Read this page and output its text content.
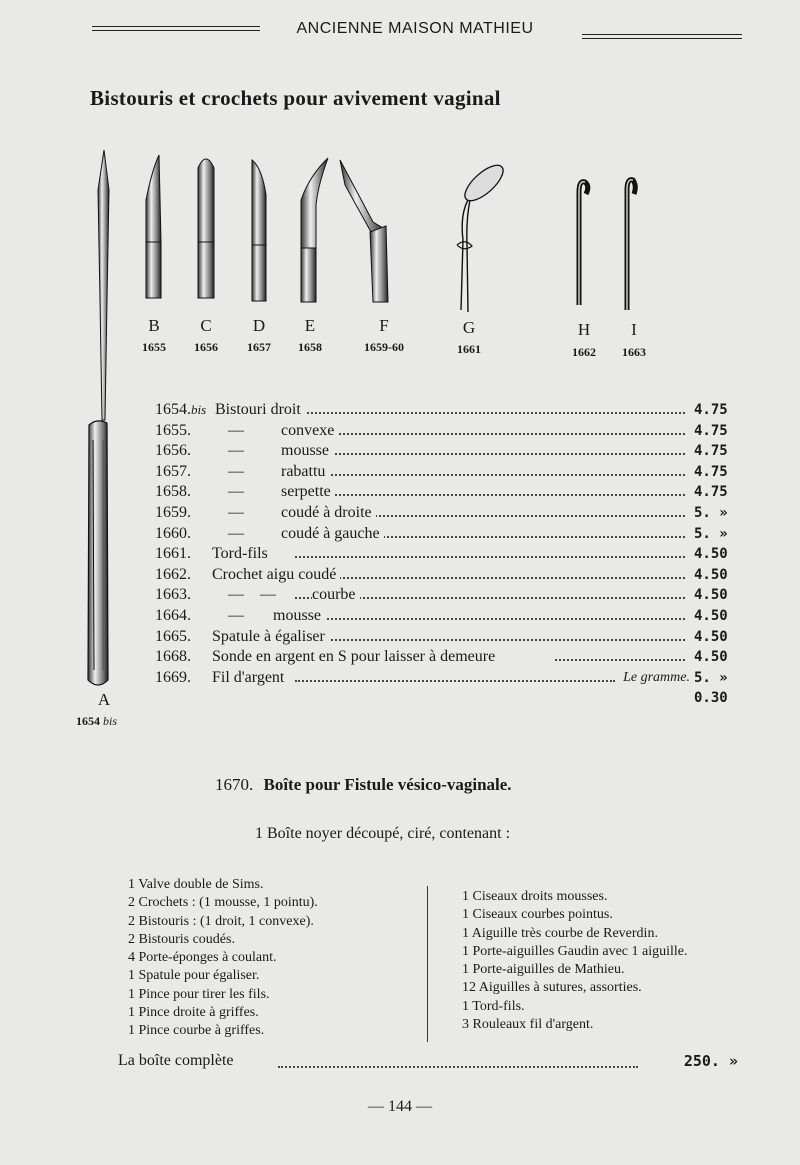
ANCIENNE MAISON MATHIEU
Bistouris et crochets pour avivement vaginal
B
1655
C
1656
D
1657
E
1658
F
1659-60
G
1661
H
1662
I
1663
A
1654 bis
1654.bis Bistouri droit	4.75
1655.	— convexe	4.75
1656.	— mousse	4.75
1657.	— rabattu	4.75
1658.	— serpette	4.75
1659.	— coudé à droite	5. »
1660.	— coudé à gauche	5. »
1661.	Tord-fils	4.50
1662.	Crochet aigu coudé	4.50
1663.	—    — courbe	4.50
1664.	— mousse	4.50
1665.	Spatule à égaliser	4.50
1668.	Sonde en argent en S pour laisser à demeure	4.50
1669.	Fil d'argent	Le gramme. 5. »
0.30
1670. Boîte pour Fistule vésico-vaginale.
1 Boîte noyer découpé, ciré, contenant :
1 Valve double de Sims.
2 Crochets : (1 mousse, 1 pointu).
2 Bistouris : (1 droit, 1 convexe).
2 Bistouris coudés.
4 Porte-éponges à coulant.
1 Spatule pour égaliser.
1 Pince pour tirer les fils.
1 Pince droite à griffes.
1 Pince courbe à griffes.
1 Ciseaux droits mousses.
1 Ciseaux courbes pointus.
1 Aiguille très courbe de Reverdin.
1 Porte-aiguilles Gaudin avec 1 aiguille.
1 Porte-aiguilles de Mathieu.
12 Aiguilles à sutures, assorties.
1 Tord-fils.
3 Rouleaux fil d'argent.
La boîte complète	250. »
— 144 —
